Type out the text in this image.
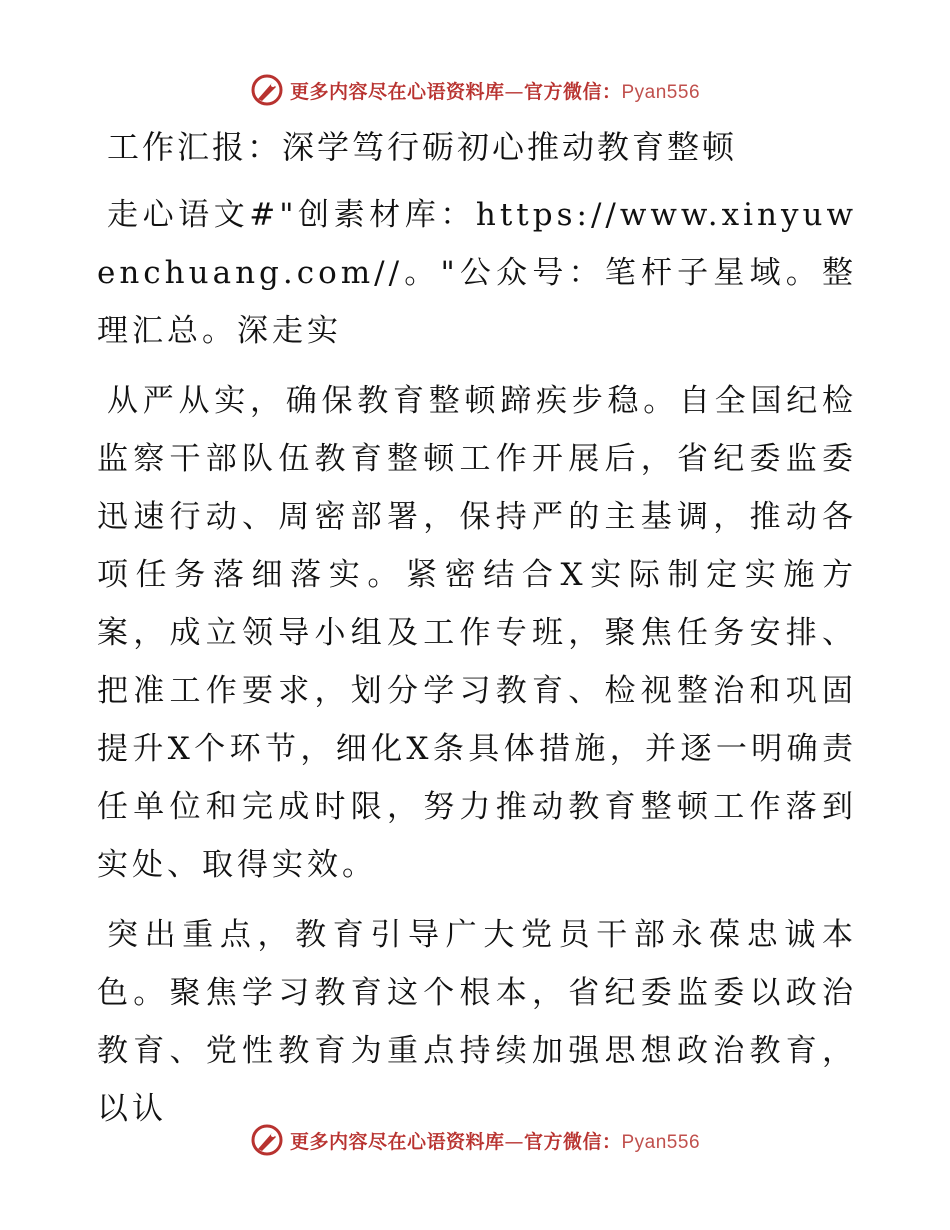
更多内容尽在心语资料库—官方微信：Pyan556
工作汇报：深学笃行砺初心推动教育整顿

走心语文#"创素材库：https://www.xinyuwenchuang.com//。"公众号：笔杆子星域。整理汇总。深走实

从严从实，确保教育整顿蹄疾步稳。自全国纪检监察干部队伍教育整顿工作开展后，省纪委监委迅速行动、周密部署，保持严的主基调，推动各项任务落细落实。紧密结合X实际制定实施方案，成立领导小组及工作专班，聚焦任务安排、把准工作要求，划分学习教育、检视整治和巩固提升X个环节，细化X条具体措施，并逐一明确责任单位和完成时限，努力推动教育整顿工作落到实处、取得实效。

突出重点，教育引导广大党员干部永葆忠诚本色。聚焦学习教育这个根本，省纪委监委以政治教育、党性教育为重点持续加强思想政治教育，以认

更多内容尽在心语资料库—官方微信：Pyan556
